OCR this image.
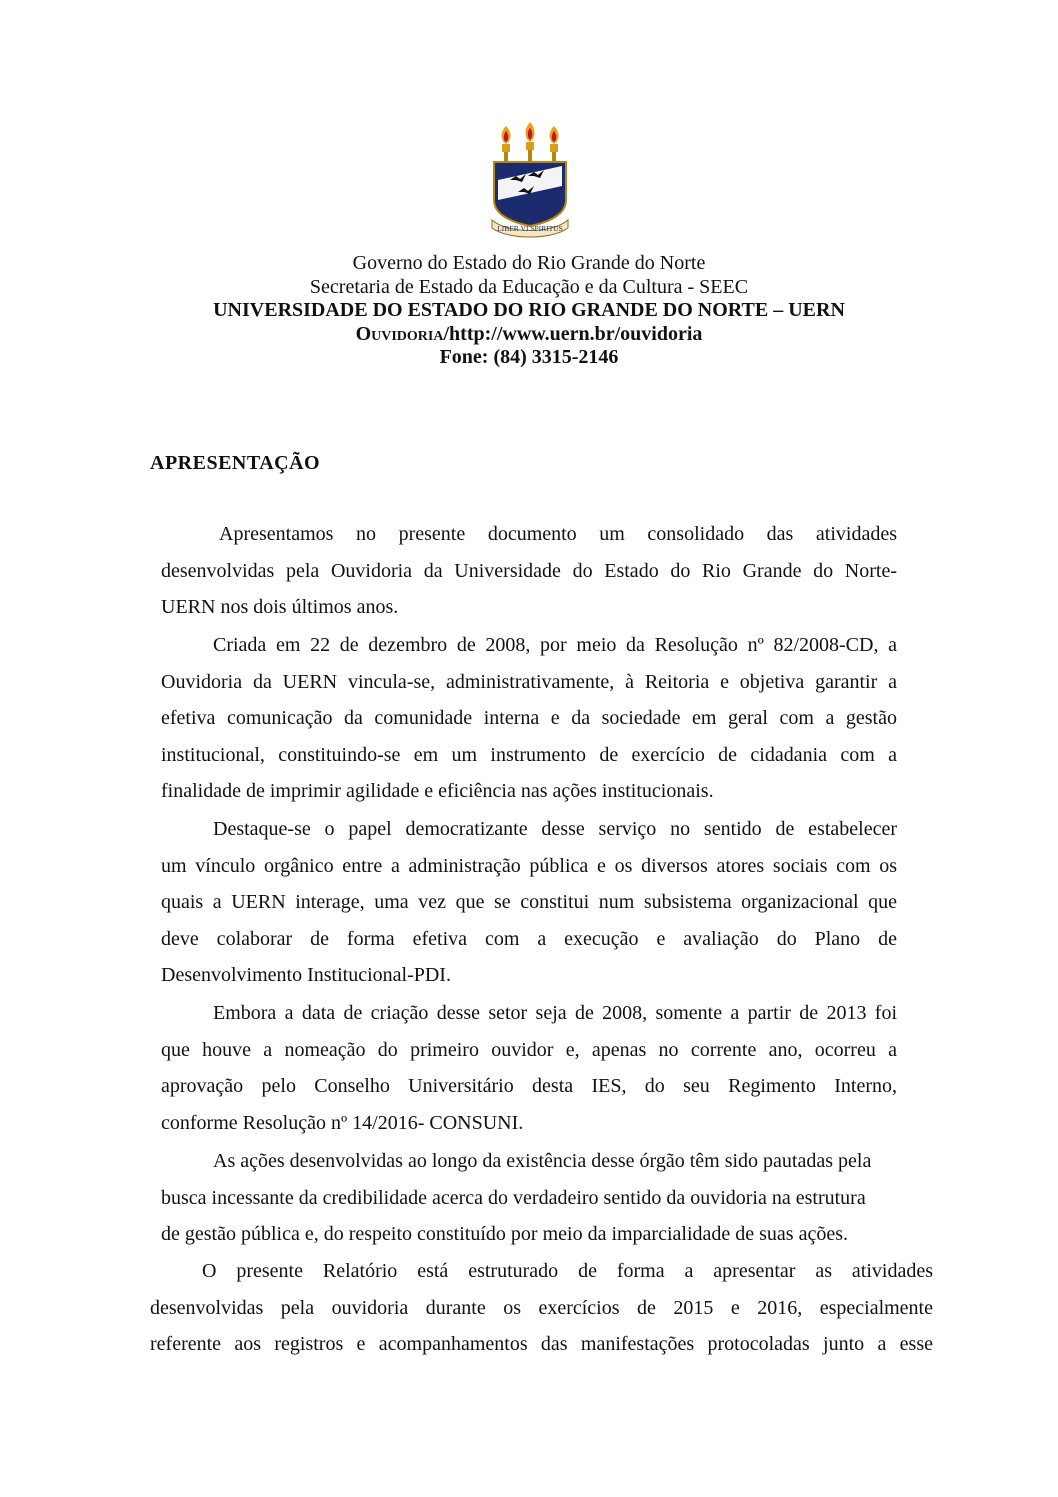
LIBER VI SPIRITUS
Governo do Estado do Rio Grande do Norte
Secretaria de Estado da Educação e da Cultura - SEEC
UNIVERSIDADE DO ESTADO DO RIO GRANDE DO NORTE – UERN
Ouvidoria/http://www.uern.br/ouvidoria
Fone: (84) 3315-2146
APRESENTAÇÃO
Apresentamos no presente documento um consolidado das atividades
desenvolvidas pela Ouvidoria da Universidade do Estado do Rio Grande do Norte-
UERN nos dois últimos anos.
Criada em 22 de dezembro de 2008, por meio da Resolução nº 82/2008-CD, a
Ouvidoria da UERN vincula-se, administrativamente, à Reitoria e objetiva garantir a
efetiva comunicação da comunidade interna e da sociedade em geral com a gestão
institucional, constituindo-se em um instrumento de exercício de cidadania com a
finalidade de imprimir agilidade e eficiência nas ações institucionais.
Destaque-se o papel democratizante desse serviço no sentido de estabelecer
um vínculo orgânico entre a administração pública e os diversos atores sociais com os
quais a UERN interage, uma vez que se constitui num subsistema organizacional que
deve colaborar de forma efetiva com a execução e avaliação do Plano de
Desenvolvimento Institucional-PDI.
Embora a data de criação desse setor seja de 2008, somente a partir de 2013 foi
que houve a nomeação do primeiro ouvidor e, apenas no corrente ano, ocorreu a
aprovação pelo Conselho Universitário desta IES, do seu Regimento Interno,
conforme Resolução nº 14/2016- CONSUNI.
As ações desenvolvidas ao longo da existência desse órgão têm sido pautadas pela
busca incessante da credibilidade acerca do verdadeiro sentido da ouvidoria na estrutura
de gestão pública e, do respeito constituído por meio da imparcialidade de suas ações.
O presente Relatório está estruturado de forma a apresentar as atividades
desenvolvidas pela ouvidoria durante os exercícios de 2015 e 2016, especialmente
referente aos registros e acompanhamentos das manifestações protocoladas junto a esse
